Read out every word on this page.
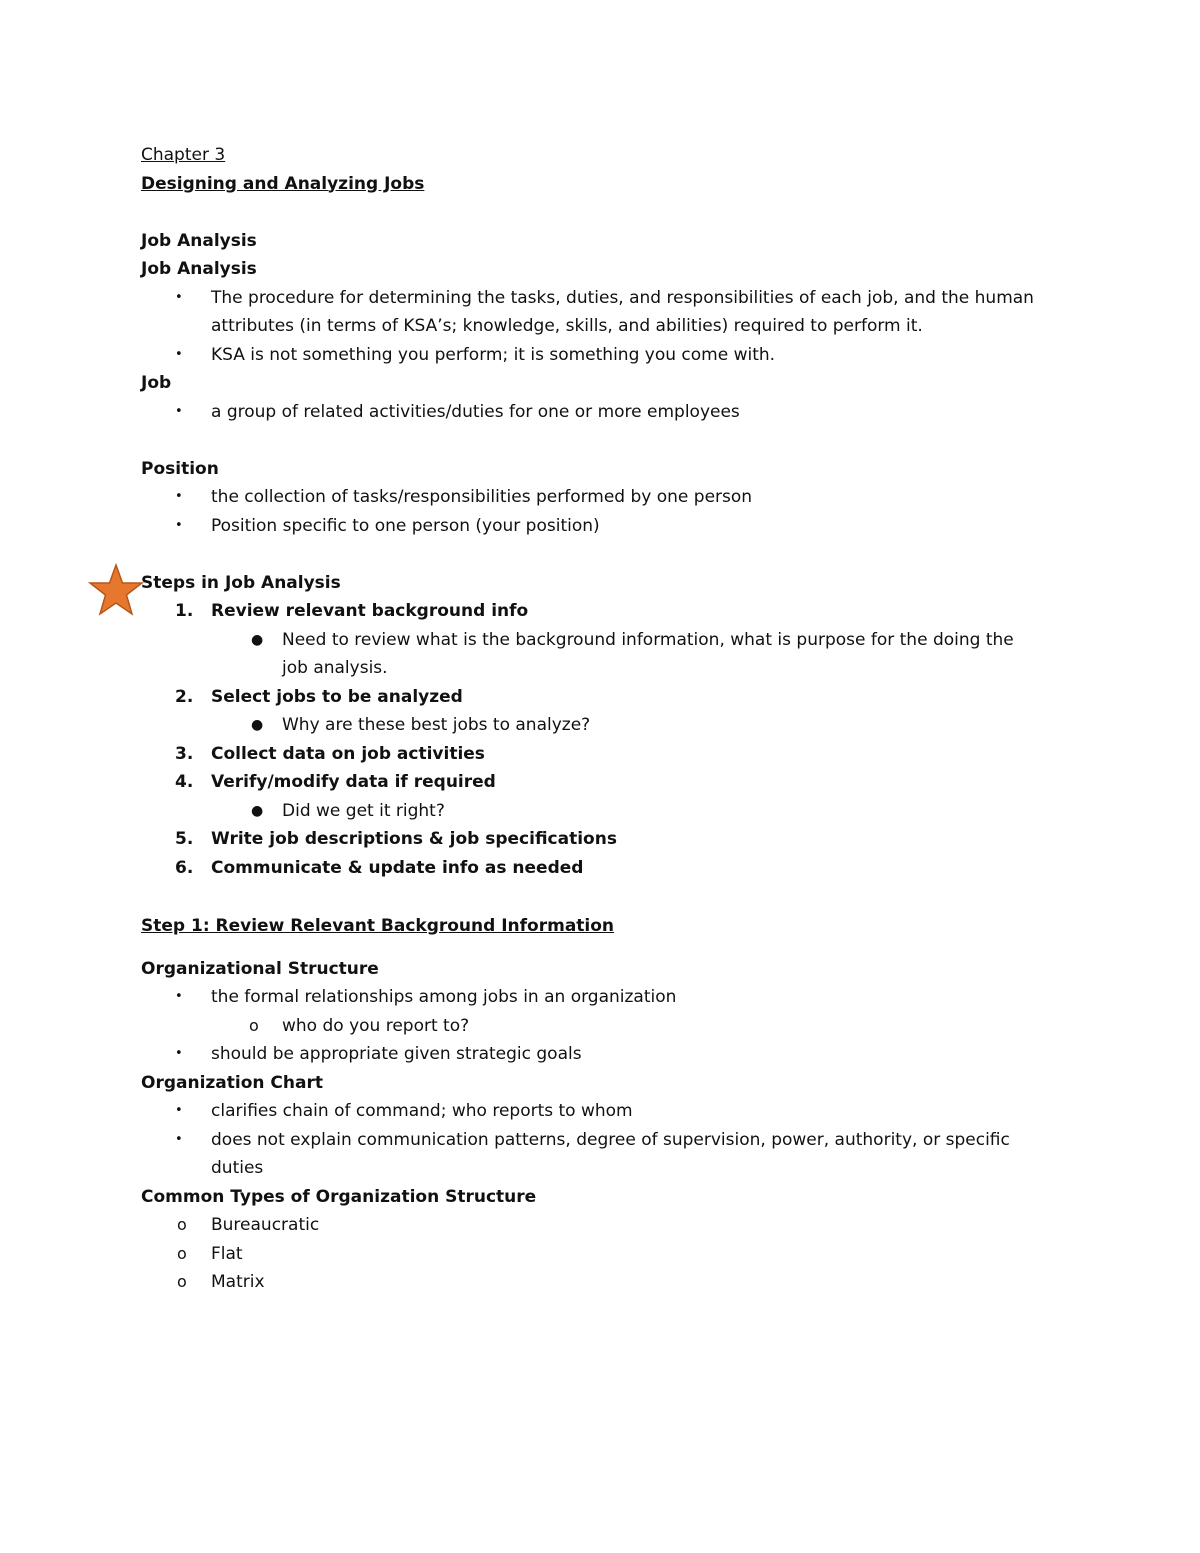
Chapter 3
Designing and Analyzing Jobs
Job Analysis
Job Analysis
• The procedure for determining the tasks, duties, and responsibilities of each job, and the human
attributes (in terms of KSA’s; knowledge, skills, and abilities) required to perform it.
• KSA is not something you perform; it is something you come with.
Job
• a group of related activities/duties for one or more employees
Position
• the collection of tasks/responsibilities performed by one person
• Position specific to one person (your position)
Steps in Job Analysis
1. Review relevant background info
● Need to review what is the background information, what is purpose for the doing the
job analysis.
2. Select jobs to be analyzed
● Why are these best jobs to analyze?
3. Collect data on job activities
4. Verify/modify data if required
● Did we get it right?
5. Write job descriptions & job specifications
6. Communicate & update info as needed
Step 1: Review Relevant Background Information
Organizational Structure
• the formal relationships among jobs in an organization
o who do you report to?
• should be appropriate given strategic goals
Organization Chart
• clarifies chain of command; who reports to whom
• does not explain communication patterns, degree of supervision, power, authority, or specific
duties
Common Types of Organization Structure
o Bureaucratic
o Flat
o Matrix
